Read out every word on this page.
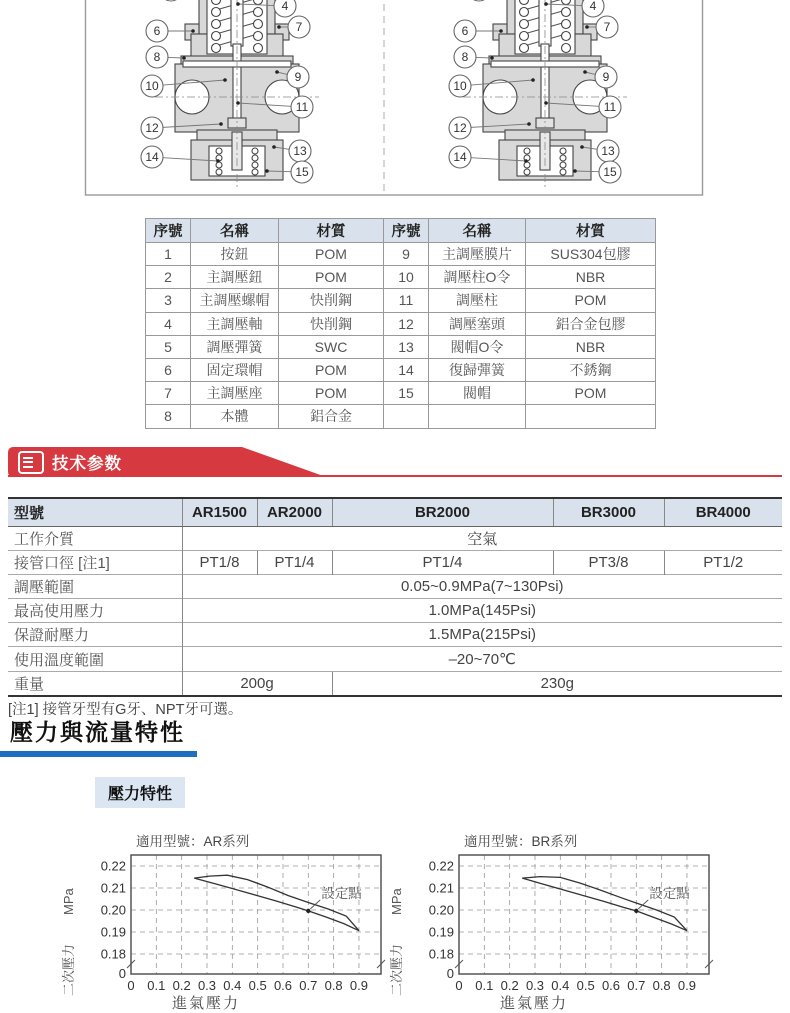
4
6	7
8
9
10
11
12
13
14
15
4
6	7
8
9
10
11
12
13
14
15
序號	名稱	材質	序號	名稱	材質
1	按鈕	POM	9	主調壓膜片	SUS304包膠
2	主調壓鈕	POM	10	調壓柱O令	NBR
3	主調壓螺帽	快削鋼	11	調壓柱	POM
4	主調壓軸	快削鋼	12	調壓塞頭	鋁合金包膠
5	調壓彈簧	SWC	13	閥帽O令	NBR
6	固定環帽	POM	14	復歸彈簧	不銹鋼
7	主調壓座	POM	15	閥帽	POM
8	本體	鋁合金			
技术参数
型號	AR1500	AR2000	BR2000	BR3000	BR4000
工作介質	空氣				
接管口徑 [注1]	PT1/8	PT1/4	PT1/4	PT3/8	PT1/2
調壓範圍	0.05~0.9MPa(7~130Psi)				
最高使用壓力	1.0MPa(145Psi)				
保證耐壓力	1.5MPa(215Psi)				
使用溫度範圍	–20~70℃				
重量	200g		230g		
[注1] 接管牙型有G牙、NPT牙可選。
壓力與流量特性
壓力特性
適用型號：AR系列
MPa
二次壓力
0.22
0.21
0.20
0.19
0.18
0
0 0.1 0.2 0.3 0.4 0.5 0.6 0.7 0.8 0.9
設定點
適用型號：BR系列
MPa
二次壓力
0.22
0.21
0.20
0.19
0.18
0
0 0.1 0.2 0.3 0.4 0.5 0.6 0.7 0.8 0.9
設定點
進氣壓力	進氣壓力
